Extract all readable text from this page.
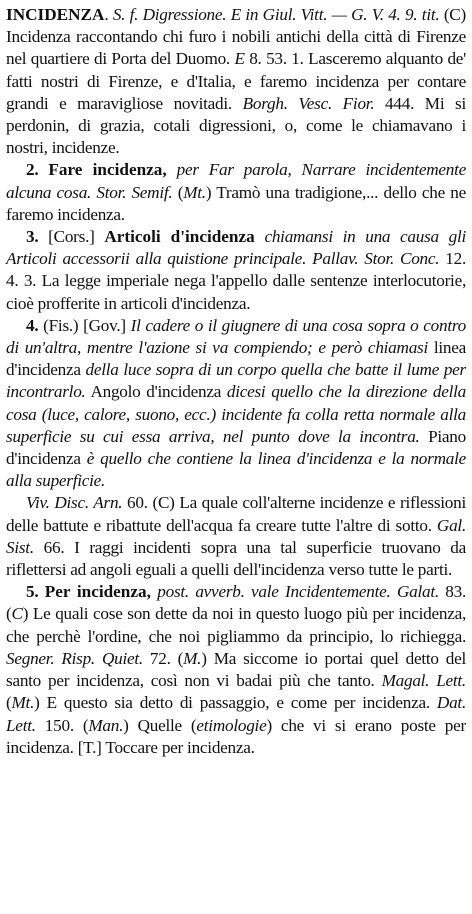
INCIDENZA. S. f. Digressione. E in Giul. Vitt. — G. V. 4. 9. tit. (C) Incidenza raccontando chi furo i nobili antichi della città di Firenze nel quartiere di Porta del Duomo. E 8. 53. 1. Lasceremo alquanto de' fatti nostri di Firenze, e d'Italia, e faremo incidenza per contare grandi e maravigliose novitadi. Borgh. Vesc. Fior. 444. Mi si perdonin, di grazia, cotali digressioni, o, come le chiamavano i nostri, incidenze.

2. Fare incidenza, per Far parola, Narrare incidentemente alcuna cosa. Stor. Semif. (Mt.) Tramò una tradigione,... dello che ne faremo incidenza.

3. [Cors.] Articoli d'incidenza chiamansi in una causa gli Articoli accessorii alla quistione principale. Pallav. Stor. Conc. 12. 4. 3. La legge imperiale nega l'appello dalle sentenze interlocutorie, cioè profferite in articoli d'incidenza.

4. (Fis.) [Gov.] Il cadere o il giugnere di una cosa sopra o contro di un'altra, mentre l'azione si va compiendo; e però chiamasi linea d'incidenza della luce sopra di un corpo quella che batte il lume per incontrarlo. Angolo d'incidenza dicesi quello che la direzione della cosa (luce, calore, suono, ecc.) incidente fa colla retta normale alla superficie su cui essa arriva, nel punto dove la incontra. Piano d'incidenza è quello che contiene la linea d'incidenza e la normale alla superficie.

Viv. Disc. Arn. 60. (C) La quale coll'alterne incidenze e riflessioni delle battute e ribattute dell'acqua fa creare tutte l'altre di sotto. Gal. Sist. 66. I raggi incidenti sopra una tal superficie truovano da riflettersi ad angoli eguali a quelli dell'incidenza verso tutte le parti.

5. Per incidenza, post. avverb. vale Incidentemente. Galat. 83. (C) Le quali cose son dette da noi in questo luogo più per incidenza, che perchè l'ordine, che noi pigliammo da principio, lo richiegga. Segner. Risp. Quiet. 72. (M.) Ma siccome io portai quel detto del santo per incidenza, così non vi badai più che tanto. Magal. Lett. (Mt.) E questo sia detto di passaggio, e come per incidenza. Dat. Lett. 150. (Man.) Quelle (etimologie) che vi si erano poste per incidenza. [T.] Toccare per incidenza.
